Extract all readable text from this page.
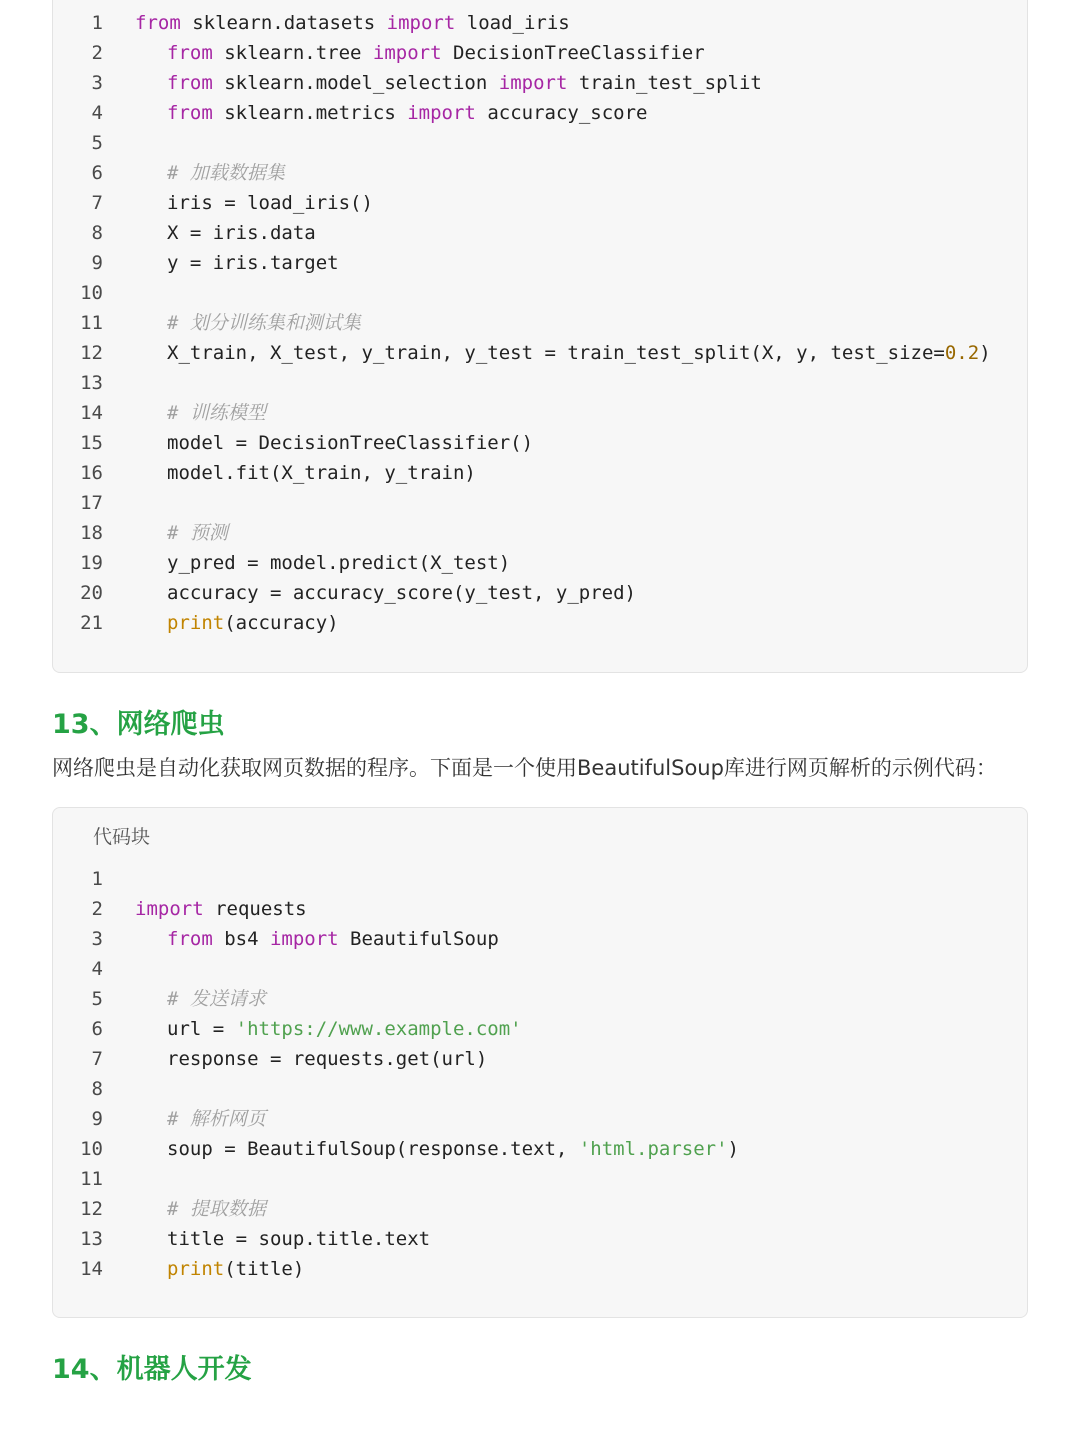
1 from sklearn.datasets import load_iris
2	from sklearn.tree import DecisionTreeClassifier
3	from sklearn.model_selection import train_test_split
4	from sklearn.metrics import accuracy_score
5
6	# 加载数据集
7	iris = load_iris()
8	X = iris.data
9	y = iris.target
10
11	# 划分训练集和测试集
12	X_train, X_test, y_train, y_test = train_test_split(X, y, test_size=0.2)
13
14	# 训练模型
15	model = DecisionTreeClassifier()
16	model.fit(X_train, y_train)
17
18	# 预测
19	y_pred = model.predict(X_test)
20	accuracy = accuracy_score(y_test, y_pred)
21	print(accuracy)
13、网络爬虫

网络爬虫是自动化获取网页数据的程序。下面是一个使用BeautifulSoup库进行网页解析的示例代码：

代码块
1
2 import requests
3	from bs4 import BeautifulSoup
4
5	# 发送请求
6	url = 'https://www.example.com'
7	response = requests.get(url)
8
9	# 解析网页
10	soup = BeautifulSoup(response.text, 'html.parser')
11
12	# 提取数据
13	title = soup.title.text
14	print(title)
14、机器人开发
